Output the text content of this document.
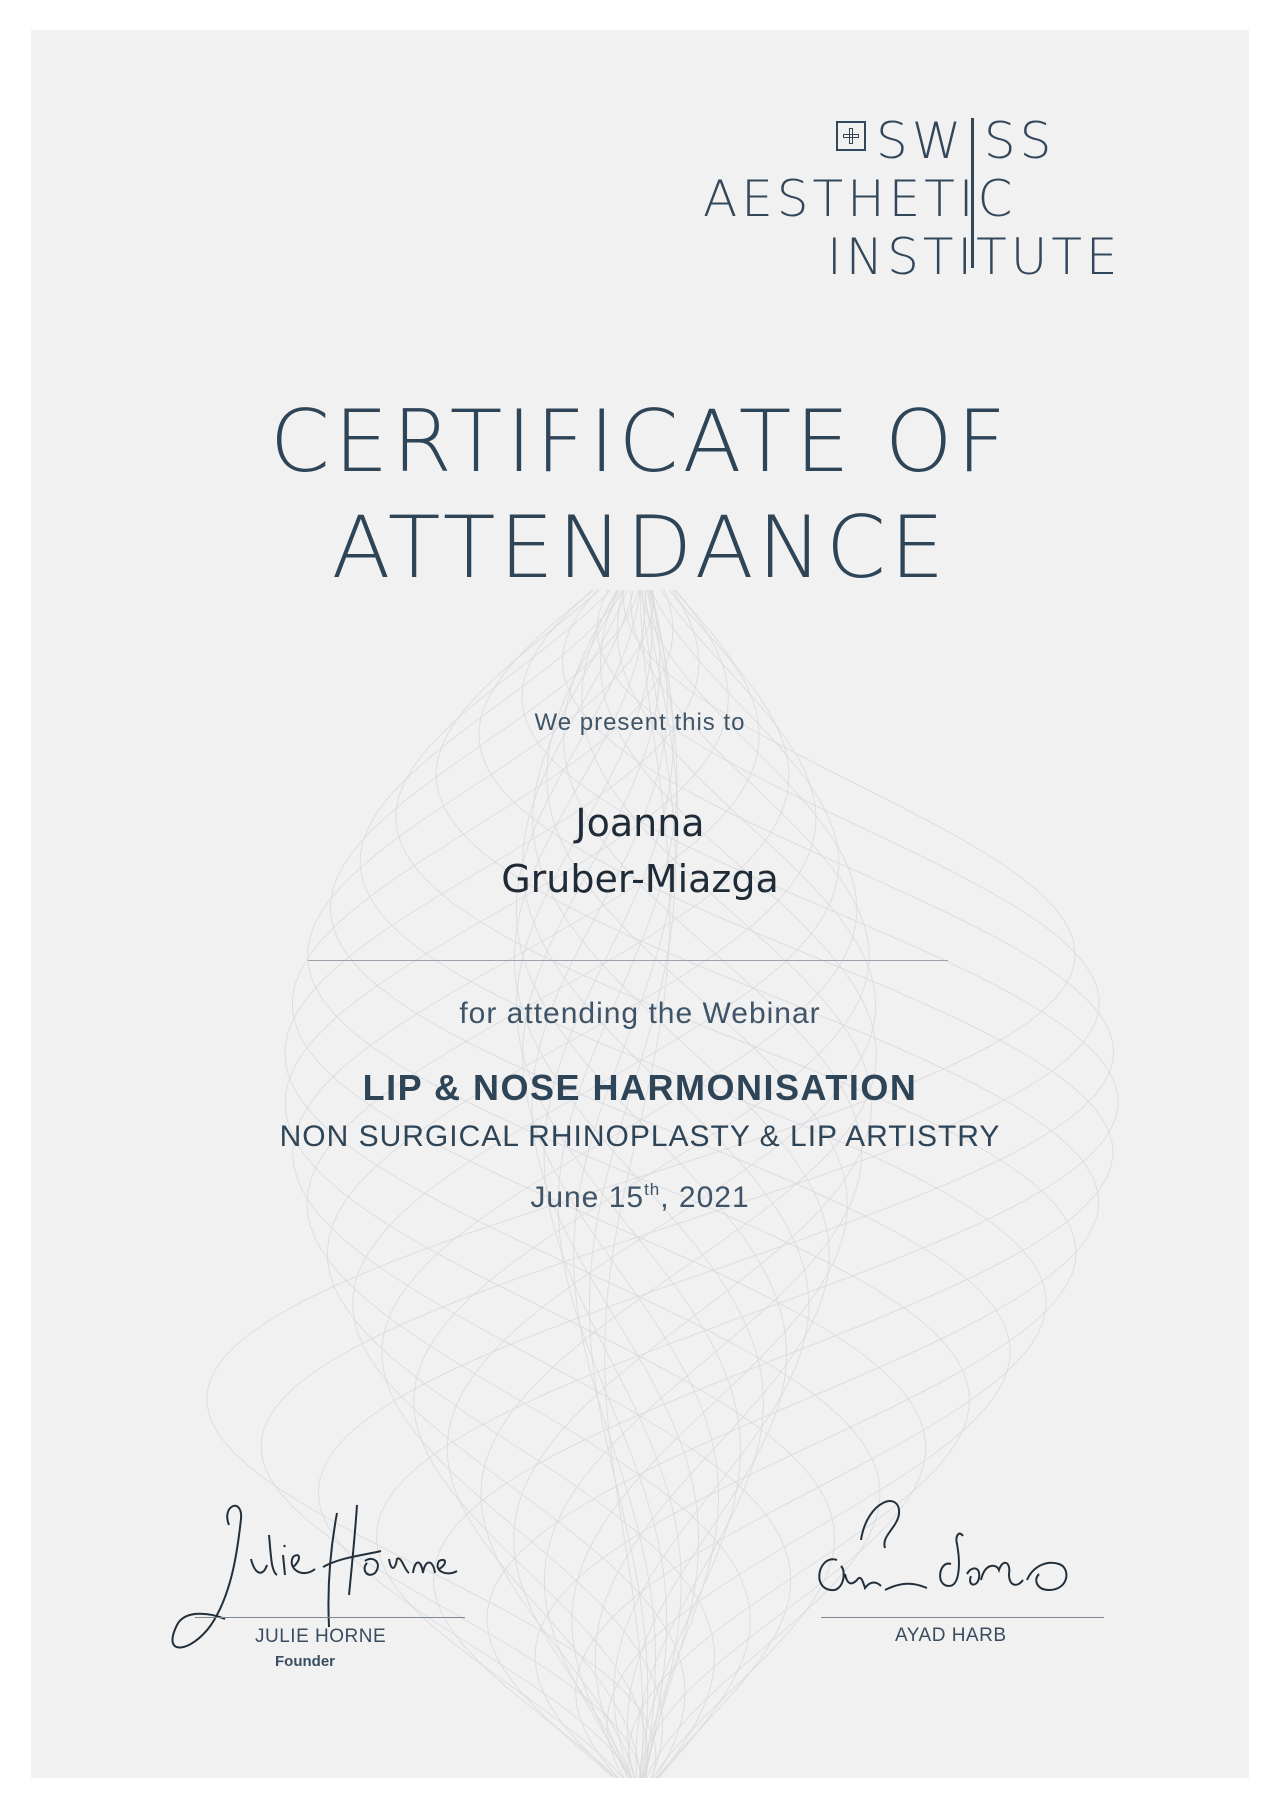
SWISS
AESTHETIC
INSTITUTE
CERTIFICATE OF
ATTENDANCE
We present this to
Joanna
Gruber-Miazga
for attending the Webinar
LIP & NOSE HARMONISATION
NON SURGICAL RHINOPLASTY & LIP ARTISTRY
June 15th, 2021
JULIE HORNE
Founder
AYAD HARB
